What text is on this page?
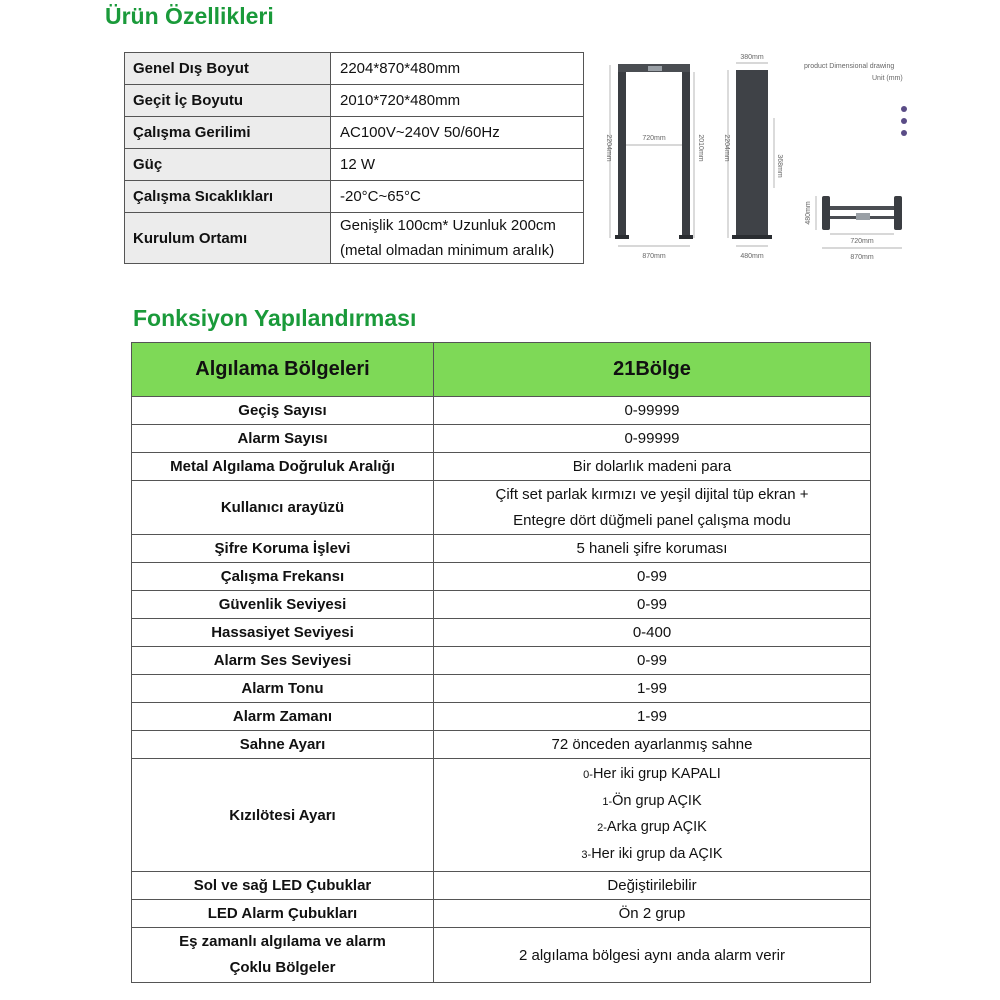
Ürün Özellikleri
Genel Dış Boyut	2204*870*480mm
Geçit İç Boyutu	2010*720*480mm
Çalışma Gerilimi	AC100V~240V 50/60Hz
Güç	12 W
Çalışma Sıcaklıkları	-20°C~65°C
Kurulum Ortamı	Genişlik 100cm* Uzunluk 200cm
(metal olmadan minimum aralık)
2204mm	2010mm
720mm
870mm
380mm
2204mm
368mm
480mm
product Dimensional drawing
Unit (mm)
480mm
720mm
870mm
Fonksiyon Yapılandırması
Algılama Bölgeleri	21Bölge
Geçiş Sayısı	0-99999
Alarm Sayısı	0-99999
Metal Algılama Doğruluk Aralığı	Bir dolarlık madeni para
Kullanıcı arayüzü	Çift set parlak kırmızı ve yeşil dijital tüp ekran +
Entegre dört düğmeli panel çalışma modu

Şifre Koruma İşlevi	5 haneli şifre koruması
Çalışma Frekansı	0-99
Güvenlik Seviyesi	0-99
Hassasiyet Seviyesi	0-400
Alarm Ses Seviyesi	0-99
Alarm Tonu	1-99
Alarm Zamanı	1-99
Sahne Ayarı	72 önceden ayarlanmış sahne
Kızılötesi Ayarı	0-Her iki grup KAPALI
1-Ön grup AÇIK
2-Arka grup AÇIK
3-Her iki grup da AÇIK

Sol ve sağ LED Çubuklar	Değiştirilebilir
LED Alarm Çubukları	Ön 2 grup

Eş zamanlı algılama ve alarm
Çoklu Bölgeler	2 algılama bölgesi aynı anda alarm verir
